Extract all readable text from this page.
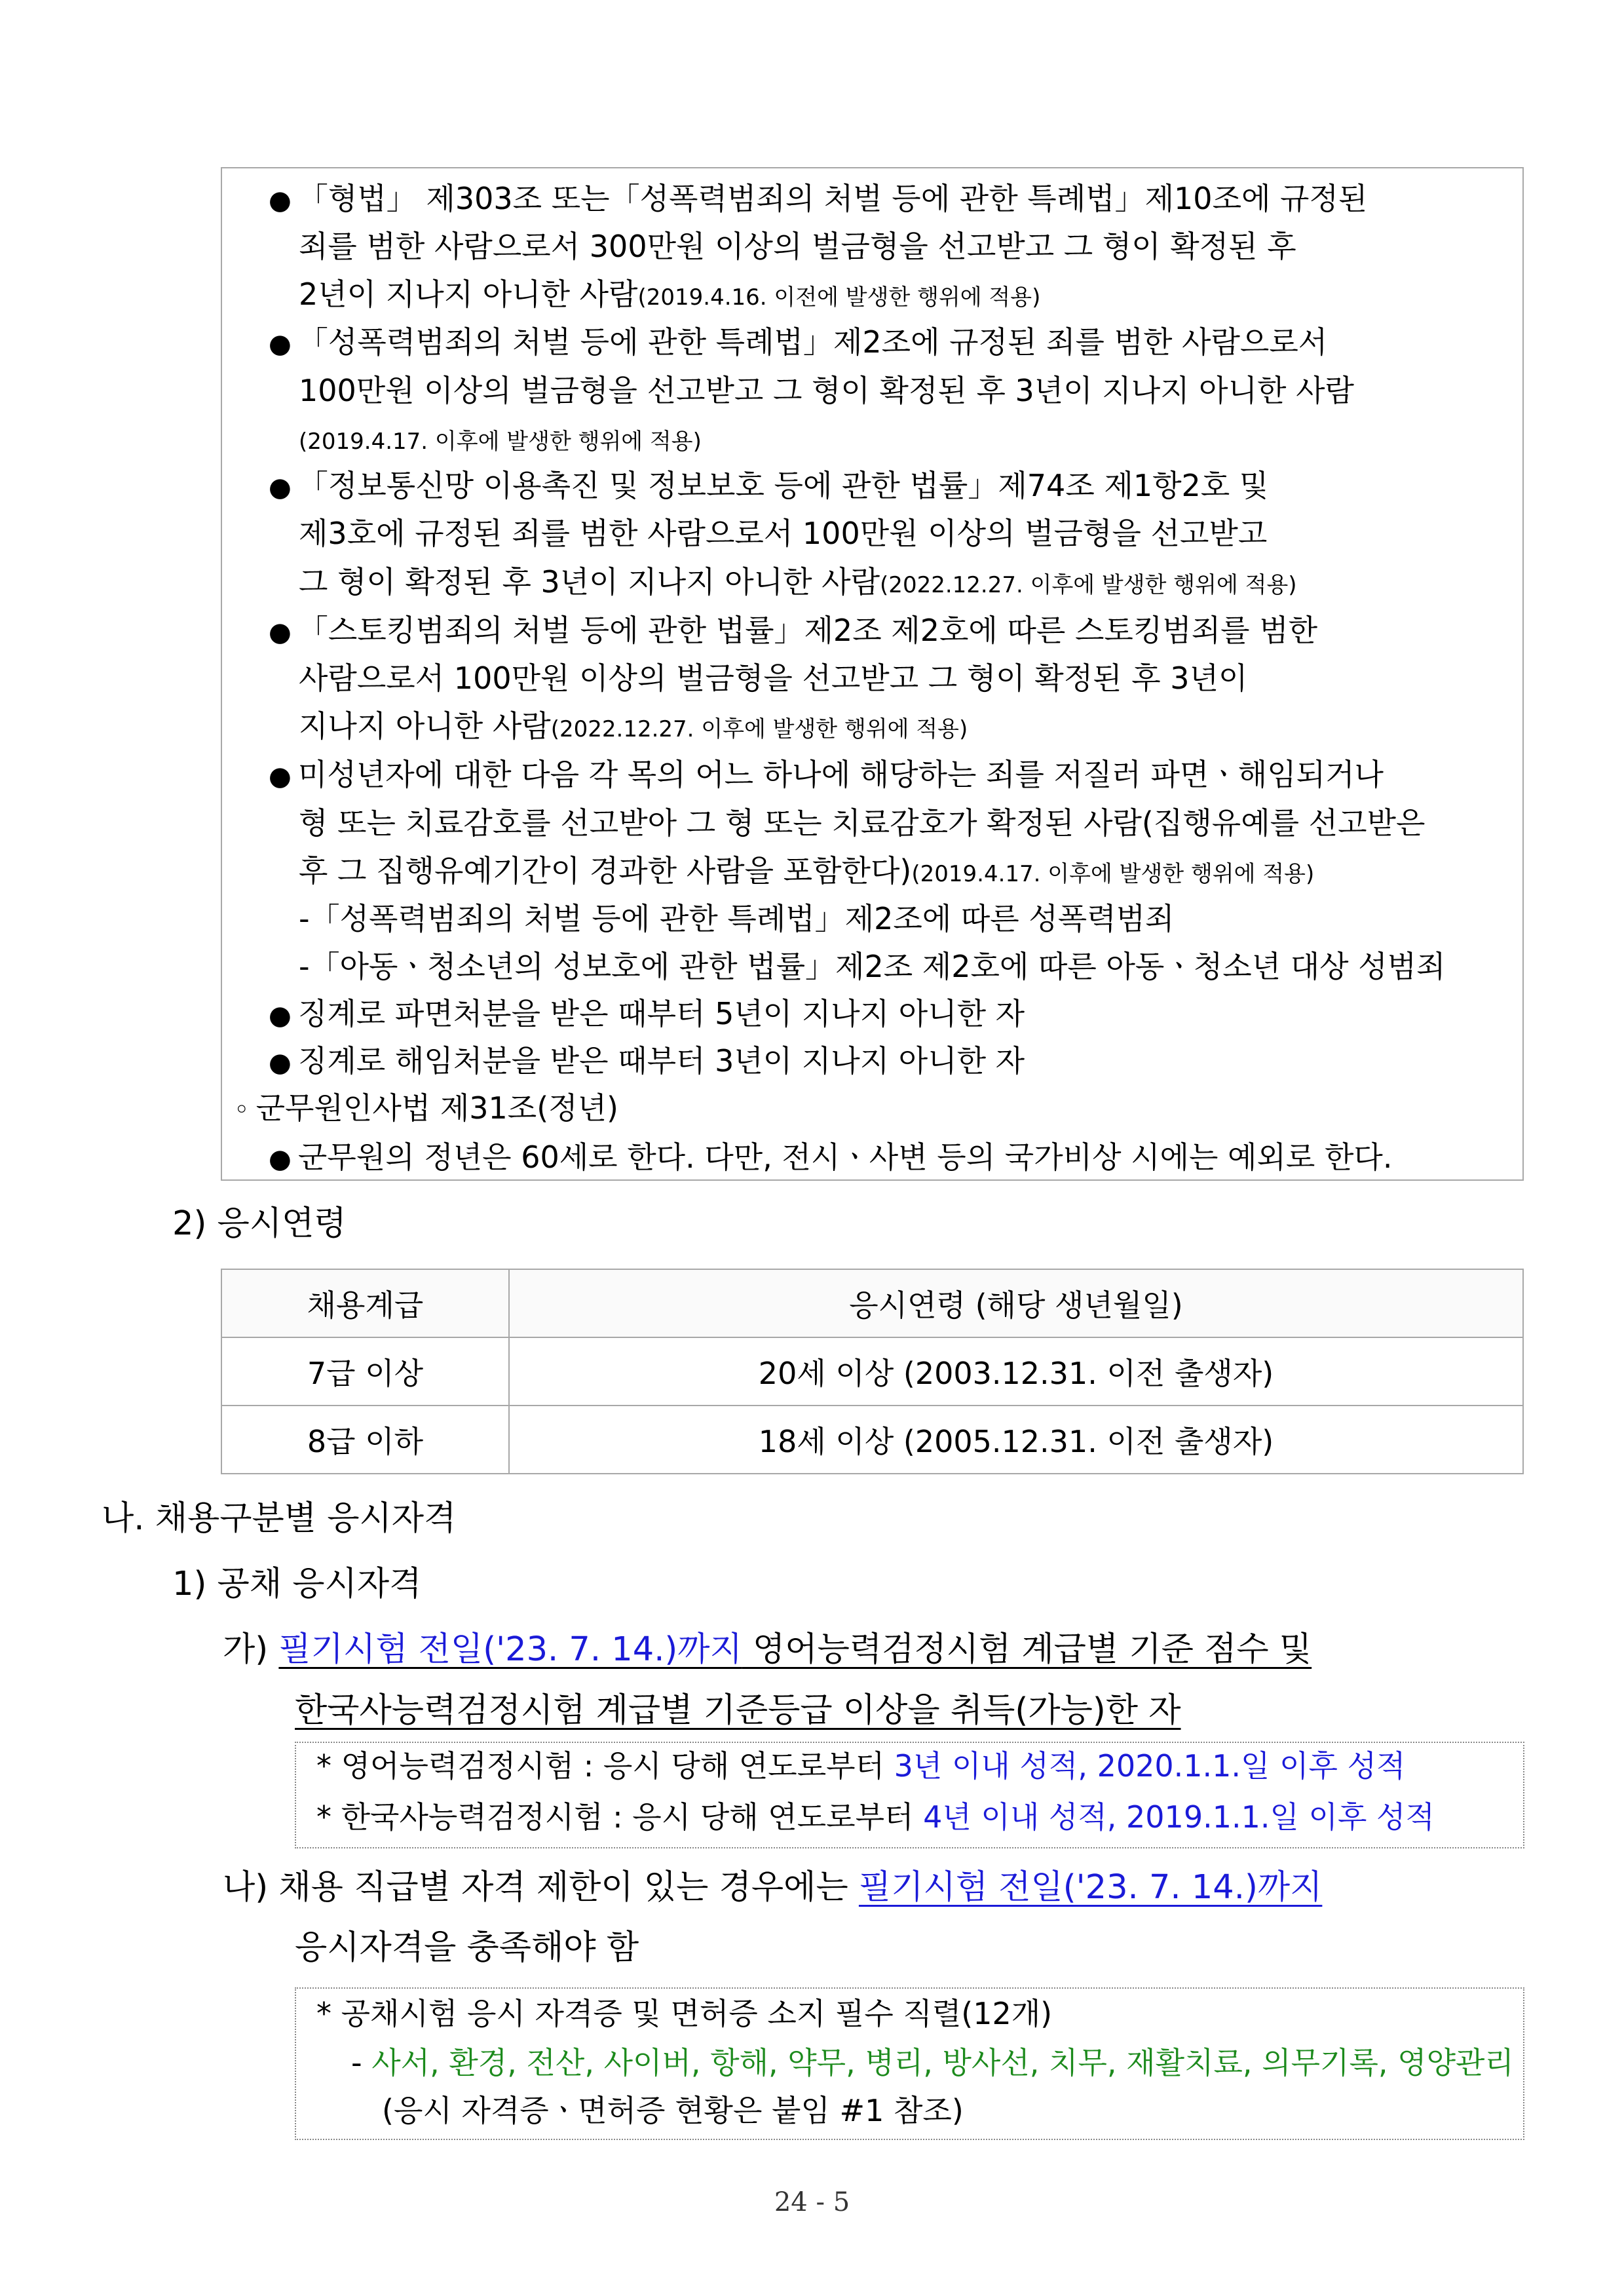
● 「형법」 제303조 또는「성폭력범죄의 처벌 등에 관한 특례법」제10조에 규정된
죄를 범한 사람으로서 300만원 이상의 벌금형을 선고받고 그 형이 확정된 후
2년이 지나지 아니한 사람(2019.4.16. 이전에 발생한 행위에 적용)
● 「성폭력범죄의 처벌 등에 관한 특례법」제2조에 규정된 죄를 범한 사람으로서
100만원 이상의 벌금형을 선고받고 그 형이 확정된 후 3년이 지나지 아니한 사람
(2019.4.17. 이후에 발생한 행위에 적용)
● 「정보통신망 이용촉진 및 정보보호 등에 관한 법률」제74조 제1항2호 및
제3호에 규정된 죄를 범한 사람으로서 100만원 이상의 벌금형을 선고받고
그 형이 확정된 후 3년이 지나지 아니한 사람(2022.12.27. 이후에 발생한 행위에 적용)
● 「스토킹범죄의 처벌 등에 관한 법률」제2조 제2호에 따른 스토킹범죄를 범한
사람으로서 100만원 이상의 벌금형을 선고받고 그 형이 확정된 후 3년이
지나지 아니한 사람(2022.12.27. 이후에 발생한 행위에 적용)
● 미성년자에 대한 다음 각 목의 어느 하나에 해당하는 죄를 저질러 파면ㆍ해임되거나
형 또는 치료감호를 선고받아 그 형 또는 치료감호가 확정된 사람(집행유예를 선고받은
후 그 집행유예기간이 경과한 사람을 포함한다)(2019.4.17. 이후에 발생한 행위에 적용)
-「성폭력범죄의 처벌 등에 관한 특례법」제2조에 따른 성폭력범죄
-「아동ㆍ청소년의 성보호에 관한 법률」제2조 제2호에 따른 아동ㆍ청소년 대상 성범죄
● 징계로 파면처분을 받은 때부터 5년이 지나지 아니한 자
● 징계로 해임처분을 받은 때부터 3년이 지나지 아니한 자
◦ 군무원인사법 제31조(정년)
● 군무원의 정년은 60세로 한다. 다만, 전시ㆍ사변 등의 국가비상 시에는 예외로 한다.
2) 응시연령
채용계급	응시연령 (해당 생년월일)
7급 이상	20세 이상 (2003.12.31. 이전 출생자)
8급 이하	18세 이상 (2005.12.31. 이전 출생자)
나. 채용구분별 응시자격
1) 공채 응시자격
가) 필기시험 전일('23. 7. 14.)까지 영어능력검정시험 계급별 기준 점수 및
한국사능력검정시험 계급별 기준등급 이상을 취득(가능)한 자
* 영어능력검정시험 : 응시 당해 연도로부터 3년 이내 성적, 2020.1.1.일 이후 성적
* 한국사능력검정시험 : 응시 당해 연도로부터 4년 이내 성적, 2019.1.1.일 이후 성적
나) 채용 직급별 자격 제한이 있는 경우에는 필기시험 전일('23. 7. 14.)까지
응시자격을 충족해야 함
* 공채시험 응시 자격증 및 면허증 소지 필수 직렬(12개)
- 사서, 환경, 전산, 사이버, 항해, 약무, 병리, 방사선, 치무, 재활치료, 의무기록, 영양관리
(응시 자격증ㆍ면허증 현황은 붙임 #1 참조)
24 - 5
